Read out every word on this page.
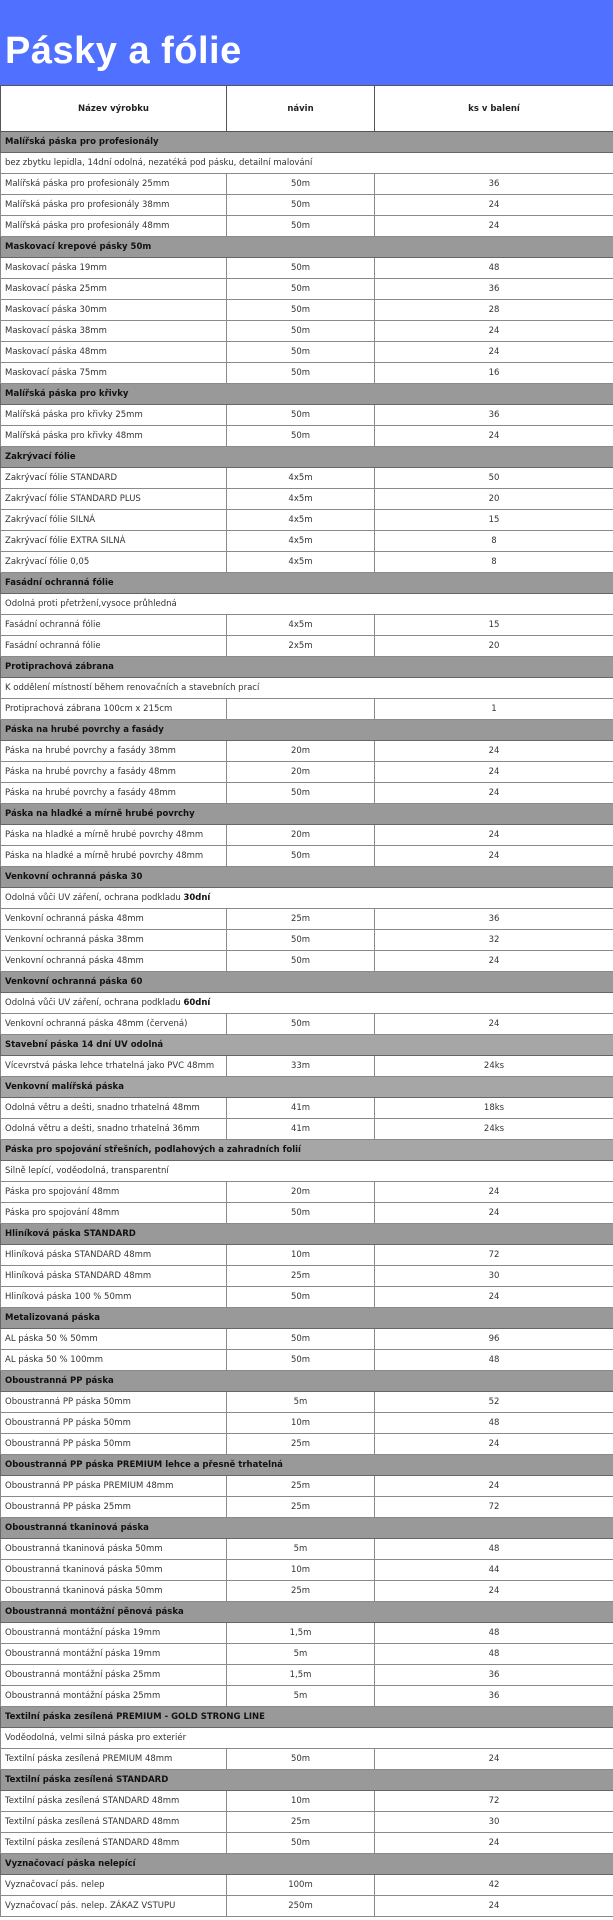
Pásky a fólie
Název výrobku	návin	ks v balení
Malířská páska pro profesionály		
bez zbytku lepidla, 14dní odolná, nezatéká pod pásku, detailní malování		
Malířská páska pro profesionály 25mm	50m	36
Malířská páska pro profesionály 38mm	50m	24
Malířská páska pro profesionály 48mm	50m	24
Maskovací krepové pásky 50m		
Maskovací páska 19mm	50m	48
Maskovací páska 25mm	50m	36
Maskovací páska 30mm	50m	28
Maskovací páska 38mm	50m	24
Maskovací páska 48mm	50m	24
Maskovací páska 75mm	50m	16
Malířská páska pro křivky		
Malířská páska pro křivky 25mm	50m	36
Malířská páska pro křivky 48mm	50m	24
Zakrývací fólie		
Zakrývací fólie STANDARD	4x5m	50
Zakrývací fólie STANDARD PLUS	4x5m	20
Zakrývací fólie SILNÁ	4x5m	15
Zakrývací fólie EXTRA SILNÁ	4x5m	8
Zakrývací fólie 0,05	4x5m	8
Fasádní ochranná fólie		
Odolná proti přetržení,vysoce průhledná		
Fasádní ochranná fólie	4x5m	15
Fasádní ochranná fólie	2x5m	20
Protiprachová zábrana		
K oddělení místností během renovačních a stavebních prací		
Protiprachová zábrana 100cm x 215cm		1
Páska na hrubé povrchy a fasády		
Páska na hrubé povrchy a fasády 38mm	20m	24
Páska na hrubé povrchy a fasády 48mm	20m	24
Páska na hrubé povrchy a fasády 48mm	50m	24
Páska na hladké a mírně hrubé povrchy		
Páska na hladké a mírně hrubé povrchy 48mm	20m	24
Páska na hladké a mírně hrubé povrchy 48mm	50m	24
Venkovní ochranná páska 30		
Odolná vůči UV záření, ochrana podkladu 30dní		
Venkovní ochranná páska 48mm	25m	36
Venkovní ochranná páska 38mm	50m	32
Venkovní ochranná páska 48mm	50m	24
Venkovní ochranná páska 60		
Odolná vůči UV záření, ochrana podkladu 60dní		
Venkovní ochranná páska 48mm (červená)	50m	24
Stavební páska 14 dní UV odolná		
Vícevrstvá páska lehce trhatelná jako PVC 48mm	33m	24ks
Venkovní malířská páska		
Odolná větru a dešti, snadno trhatelná 48mm	41m	18ks
Odolná větru a dešti, snadno trhatelná 36mm	41m	24ks
Páska pro spojování střešních, podlahových a zahradních folií		
Silně lepící, voděodolná, transparentní		
Páska pro spojování 48mm	20m	24
Páska pro spojování 48mm	50m	24
Hliníková páska STANDARD		
Hliníková páska STANDARD 48mm	10m	72
Hliníková páska STANDARD 48mm	25m	30
Hliníková páska 100 % 50mm	50m	24
Metalizovaná páska		
AL páska 50 % 50mm	50m	96
AL páska 50 % 100mm	50m	48
Oboustranná PP páska		
Oboustranná PP páska 50mm	5m	52
Oboustranná PP páska 50mm	10m	48
Oboustranná PP páska 50mm	25m	24
Oboustranná PP páska PREMIUM lehce a přesně trhatelná		
Oboustranná PP páska PREMIUM 48mm	25m	24
Oboustranná PP páska 25mm	25m	72
Oboustranná tkaninová páska		
Oboustranná tkaninová páska 50mm	5m	48
Oboustranná tkaninová páska 50mm	10m	44
Oboustranná tkaninová páska 50mm	25m	24
Oboustranná montážní pěnová páska		
Oboustranná montážní páska 19mm	1,5m	48
Oboustranná montážní páska 19mm	5m	48
Oboustranná montážní páska 25mm	1,5m	36
Oboustranná montážní páska 25mm	5m	36
Textilní páska zesílená PREMIUM - GOLD STRONG LINE		
Voděodolná, velmi silná páska pro exteriér		
Textilní páska zesílená PREMIUM 48mm	50m	24
Textilní páska zesílená STANDARD		
Textilní páska zesílená STANDARD 48mm	10m	72
Textilní páska zesílená STANDARD 48mm	25m	30
Textilní páska zesílená STANDARD 48mm	50m	24
Vyznačovací páska nelepící		
Vyznačovací pás. nelep	100m	42
Vyznačovací pás. nelep. ZÁKAZ VSTUPU	250m	24
